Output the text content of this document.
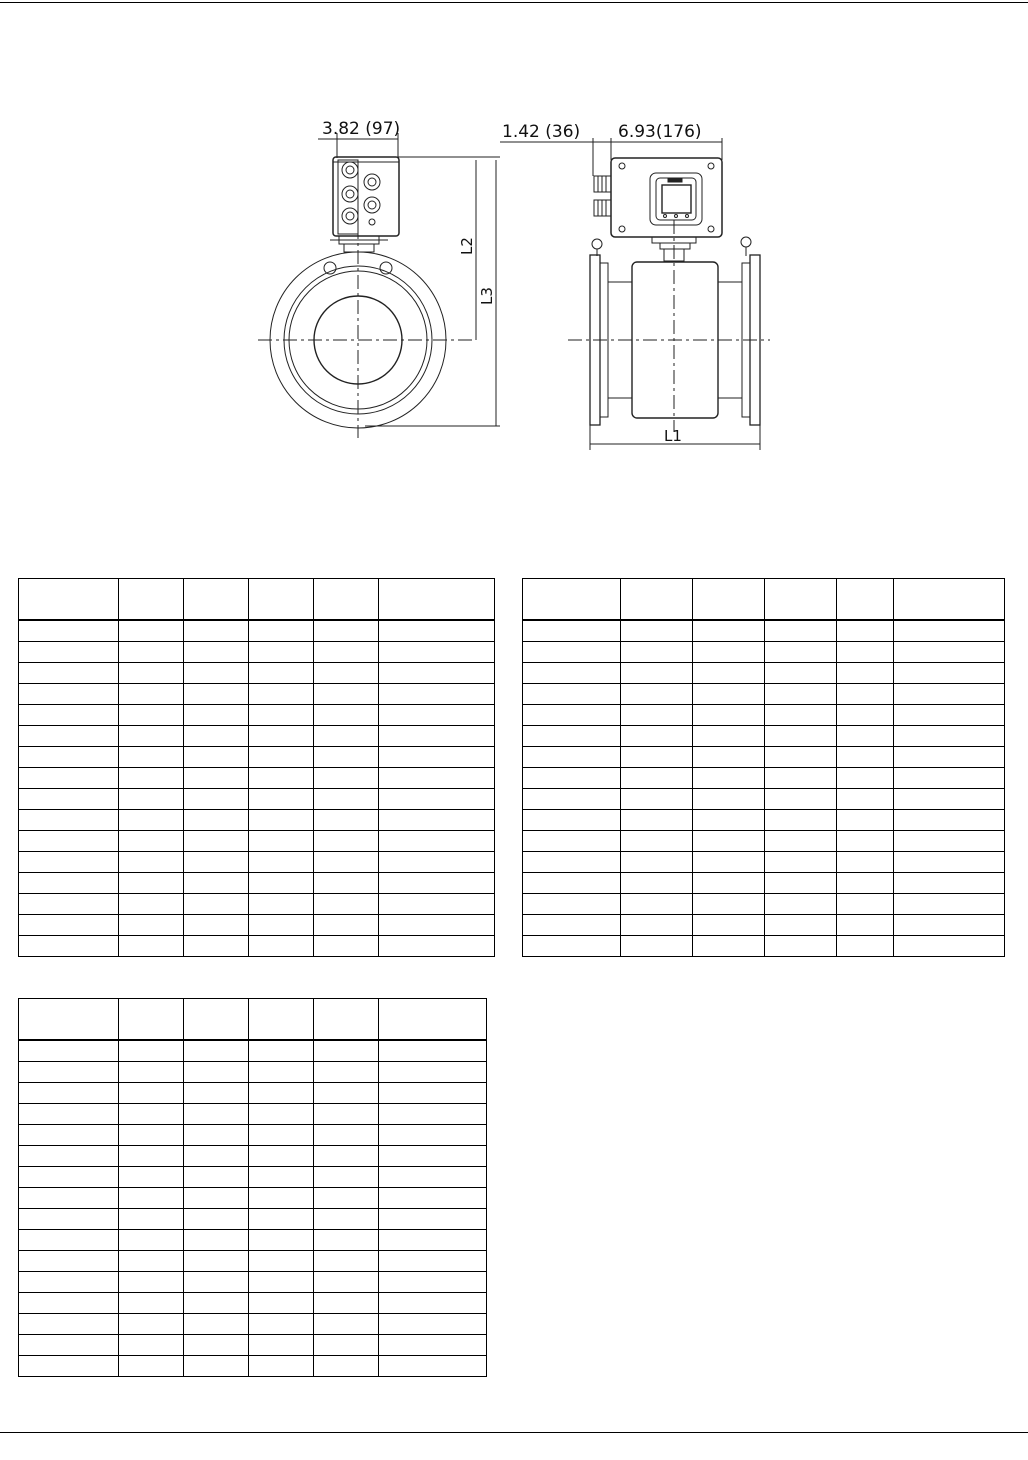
3.82 (97)	1.42 (36) 6.93(176)
L2
L3
L1
